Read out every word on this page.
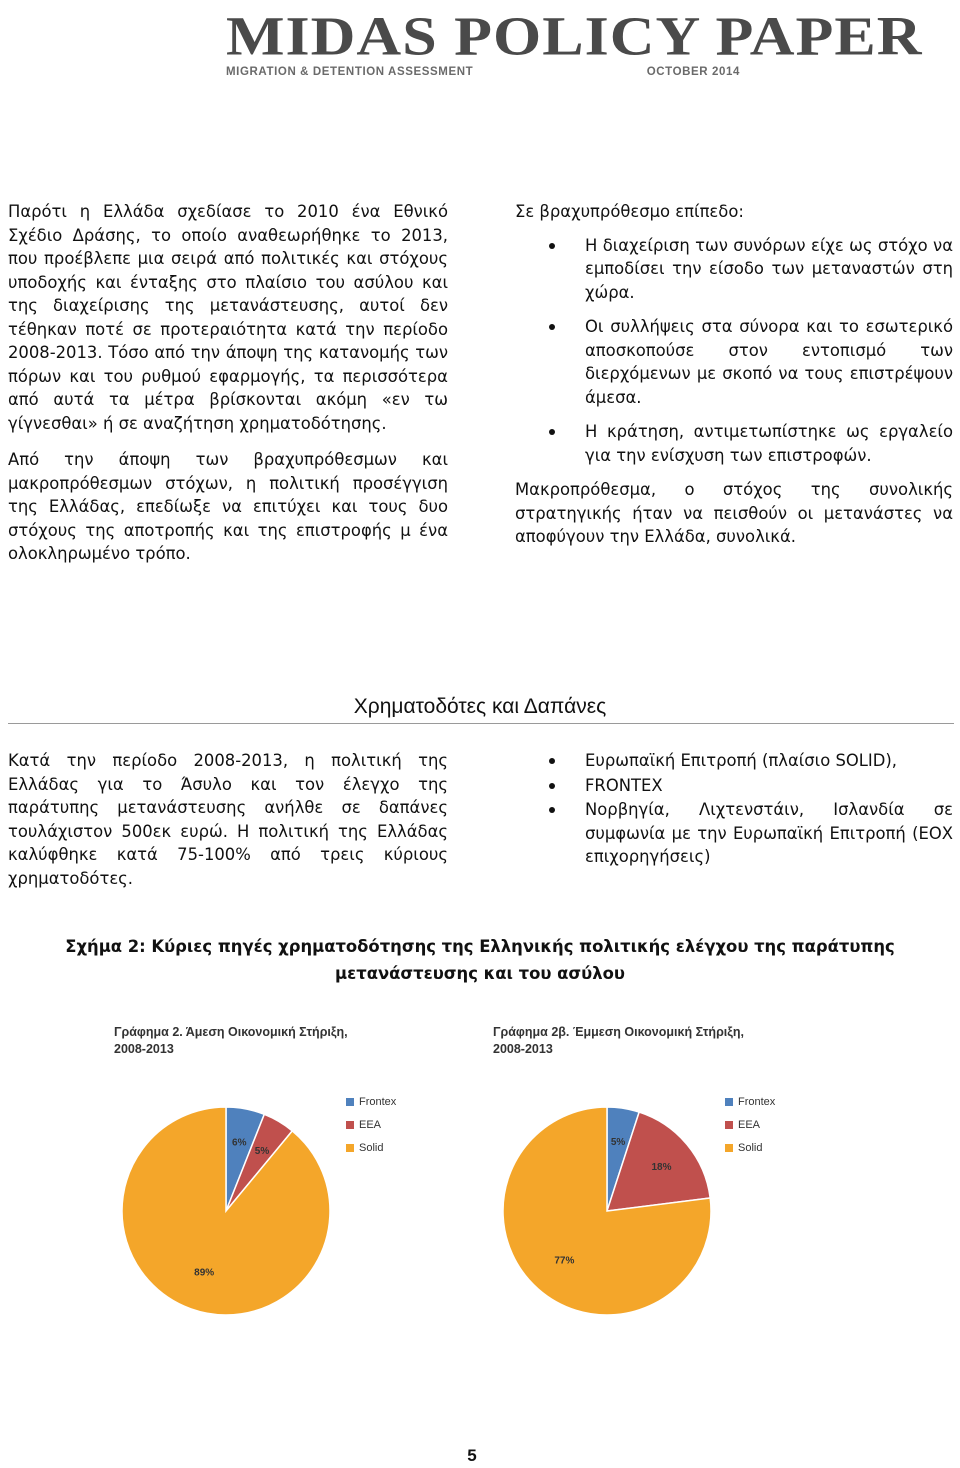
MIDAS POLICY PAPER
MIGRATION & DETENTION ASSESSMENT	OCTOBER 2014

Παρότι η Ελλάδα σχεδίασε το 2010 ένα Εθνικό Σχέδιο Δράσης, το οποίο αναθεωρήθηκε το 2013, που προέβλεπε μια σειρά από πολιτικές και στόχους υποδοχής και ένταξης στο πλαίσιο του ασύλου και της διαχείρισης της μετανάστευσης, αυτοί δεν τέθηκαν ποτέ σε προτεραιότητα κατά την περίοδο 2008-2013. Τόσο από την άποψη της κατανομής των πόρων και του ρυθμού εφαρμογής, τα περισσότερα από αυτά τα μέτρα βρίσκονται ακόμη «εν τω γίγνεσθαι» ή σε αναζήτηση χρηματοδότησης.

Από την άποψη των βραχυπρόθεσμων και μακροπρόθεσμων στόχων, η πολιτική προσέγγιση της Ελλάδας, επεδίωξε να επιτύχει και τους δυο στόχους της αποτροπής και της επιστροφής μ ένα ολοκληρωμένο τρόπο.

Σε βραχυπρόθεσμο επίπεδο:

Η διαχείριση των συνόρων είχε ως στόχο να εμποδίσει την είσοδο των μεταναστών στη χώρα.
Οι συλλήψεις στα σύνορα και το εσωτερικό αποσκοπούσε στον εντοπισμό των διερχόμενων με σκοπό να τους επιστρέψουν άμεσα.
Η κράτηση, αντιμετωπίστηκε ως εργαλείο για την ενίσχυση των επιστροφών.

Μακροπρόθεσμα, ο στόχος της συνολικής στρατηγικής ήταν να πεισθούν οι μετανάστες να αποφύγουν την Ελλάδα, συνολικά.

Χρηματοδότες και Δαπάνες

Κατά την περίοδο 2008-2013, η πολιτική της Ελλάδας για το Άσυλο και τον έλεγχο της παράτυπης μετανάστευσης ανήλθε σε δαπάνες τουλάχιστον 500εκ ευρώ. Η πολιτική της Ελλάδας καλύφθηκε κατά 75-100% από τρεις κύριους χρηματοδότες.

Ευρωπαϊκή Επιτροπή (πλαίσιο SOLID),
FRONTEX
Νορβηγία, Λιχτενστάιν, Ισλανδία σε συμφωνία με την Ευρωπαϊκή Επιτροπή (ΕΟΧ επιχορηγήσεις)
Σχήμα 2: Κύριες πηγές χρηματοδότησης της Ελληνικής πολιτικής ελέγχου της παράτυπης
μετανάστευσης και του ασύλου
Γράφημα 2. Άμεση Οικονομική Στήριξη,
2008-2013
6%
5%
89%
Frontex
EEA
Solid
Γράφημα 2β. Έμμεση Οικονομική Στήριξη,
2008-2013
5%
18%
77%
Frontex
EEA
Solid
5
